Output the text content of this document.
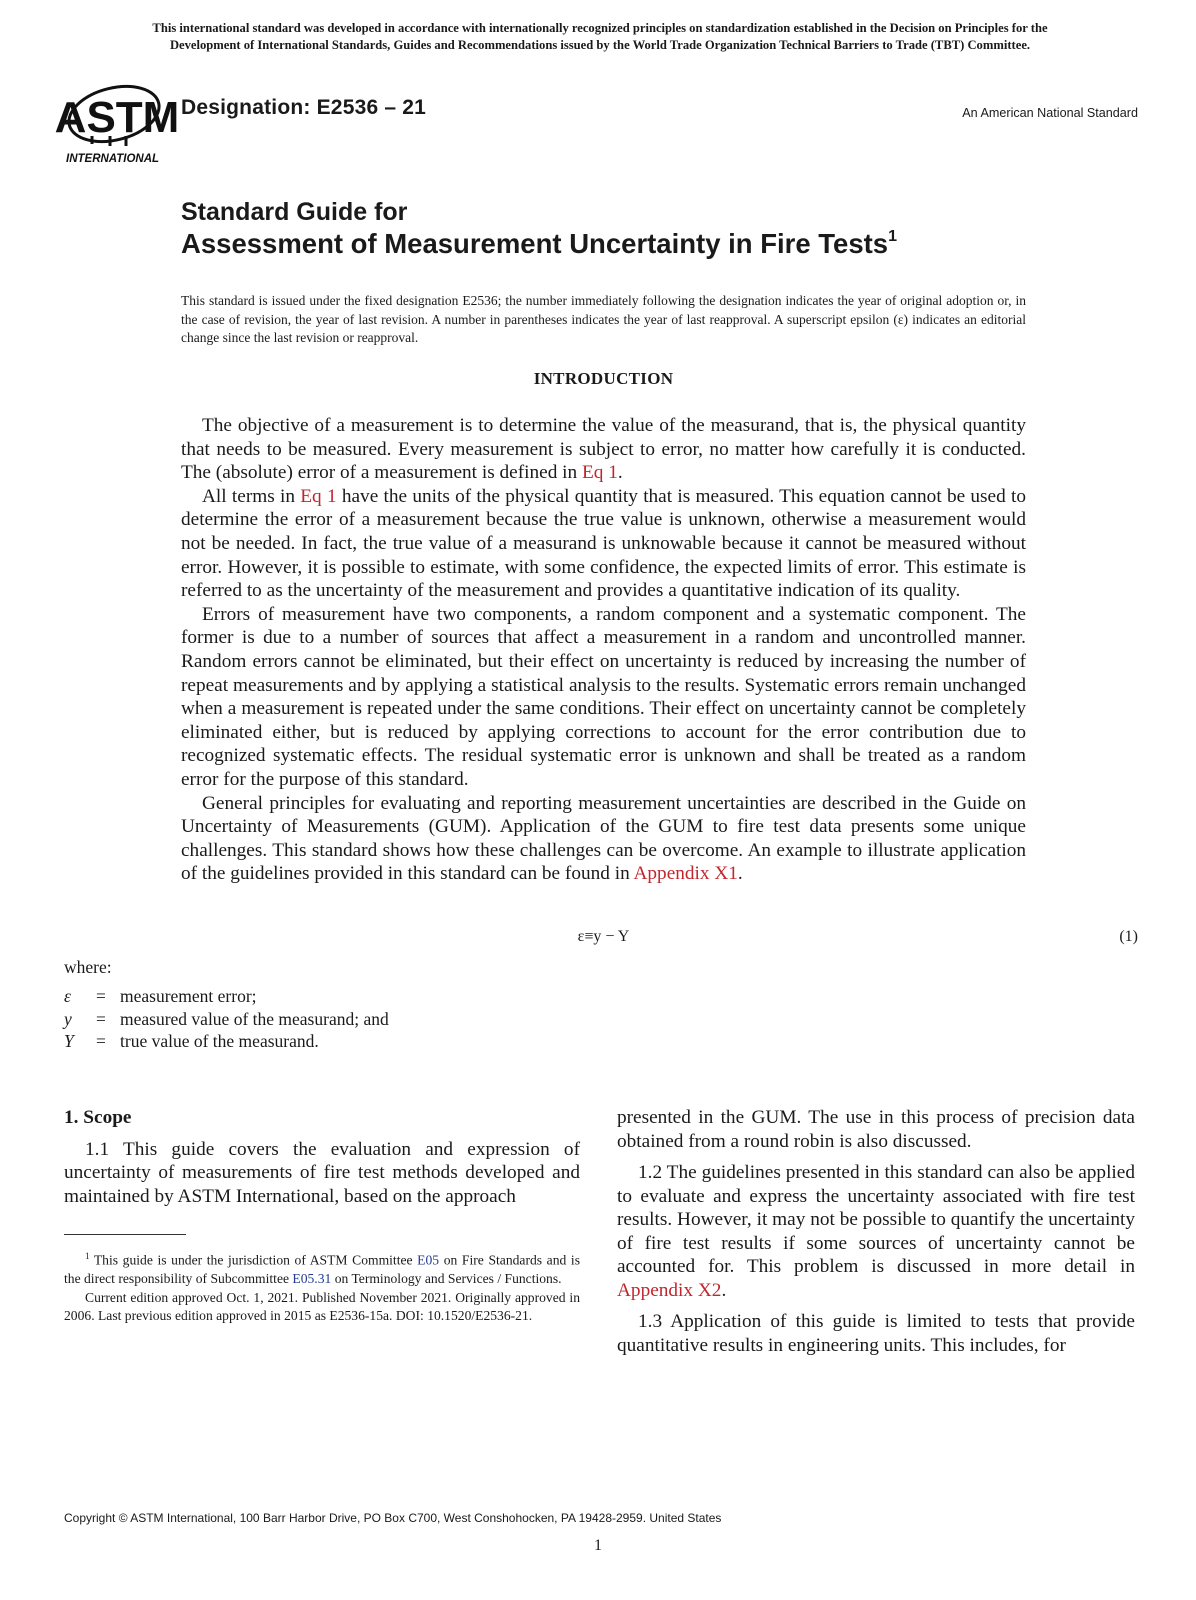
This international standard was developed in accordance with internationally recognized principles on standardization established in the Decision on Principles for the
Development of International Standards, Guides and Recommendations issued by the World Trade Organization Technical Barriers to Trade (TBT) Committee.
ASTM
INTERNATIONAL
Designation: E2536 – 21	An American National Standard
Standard Guide for
Assessment of Measurement Uncertainty in Fire Tests$^1$
This standard is issued under the fixed designation E2536; the number immediately following the designation indicates the year of original adoption or, in the case of revision, the year of last revision. A number in parentheses indicates the year of last reapproval. A superscript epsilon (ε) indicates an editorial change since the last revision or reapproval.
INTRODUCTION

The objective of a measurement is to determine the value of the measurand, that is, the physical quantity that needs to be measured. Every measurement is subject to error, no matter how carefully it is conducted. The (absolute) error of a measurement is defined in Eq 1.

All terms in Eq 1 have the units of the physical quantity that is measured. This equation cannot be used to determine the error of a measurement because the true value is unknown, otherwise a measurement would not be needed. In fact, the true value of a measurand is unknowable because it cannot be measured without error. However, it is possible to estimate, with some confidence, the expected limits of error. This estimate is referred to as the uncertainty of the measurement and provides a quantitative indication of its quality.

Errors of measurement have two components, a random component and a systematic component. The former is due to a number of sources that affect a measurement in a random and uncontrolled manner. Random errors cannot be eliminated, but their effect on uncertainty is reduced by increasing the number of repeat measurements and by applying a statistical analysis to the results. Systematic errors remain unchanged when a measurement is repeated under the same conditions. Their effect on uncertainty cannot be completely eliminated either, but is reduced by applying corrections to account for the error contribution due to recognized systematic effects. The residual systematic error is unknown and shall be treated as a random error for the purpose of this standard.

General principles for evaluating and reporting measurement uncertainties are described in the Guide on Uncertainty of Measurements (GUM). Application of the GUM to fire test data presents some unique challenges. This standard shows how these challenges can be overcome. An example to illustrate application of the guidelines provided in this standard can be found in Appendix X1.

ε≡y − Y	(1)
where:
ε	= measurement error;
y	= measured value of the measurand; and
Y	= true value of the measurand.
1. Scope

1.1 This guide covers the evaluation and expression of uncertainty of measurements of fire test methods developed and maintained by ASTM International, based on the approach

$^1$ This guide is under the jurisdiction of ASTM Committee E05 on Fire Standards and is the direct responsibility of Subcommittee E05.31 on Terminology and Services / Functions.

Current edition approved Oct. 1, 2021. Published November 2021. Originally approved in 2006. Last previous edition approved in 2015 as E2536-15a. DOI: 10.1520/E2536-21.

presented in the GUM. The use in this process of precision data obtained from a round robin is also discussed.

1.2 The guidelines presented in this standard can also be applied to evaluate and express the uncertainty associated with fire test results. However, it may not be possible to quantify the uncertainty of fire test results if some sources of uncertainty cannot be accounted for. This problem is discussed in more detail in Appendix X2.

1.3 Application of this guide is limited to tests that provide quantitative results in engineering units. This includes, for

Copyright © ASTM International, 100 Barr Harbor Drive, PO Box C700, West Conshohocken, PA 19428-2959. United States
1
